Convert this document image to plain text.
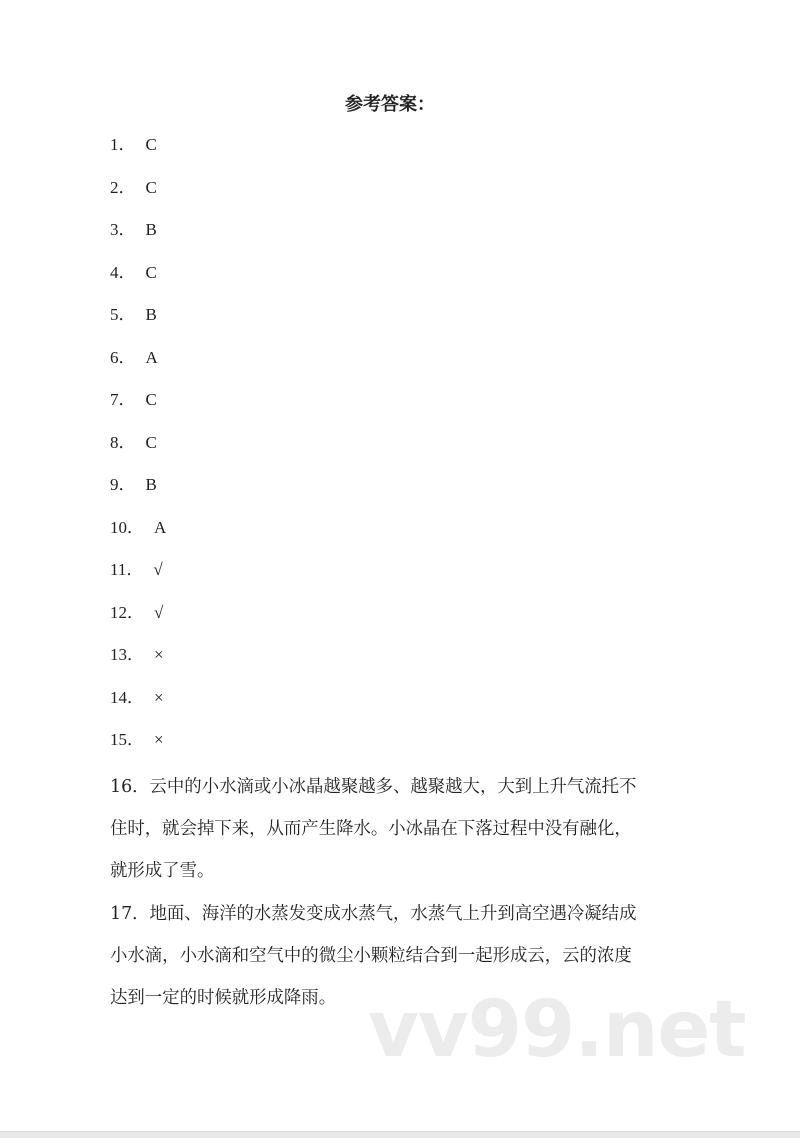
参考答案：
1． C
2． C
3． B
4． C
5． B
6． A
7． C
8． C
9． B
10． A
11． √
12． √
13． ×
14． ×
15． ×
16．云中的小水滴或小冰晶越聚越多、越聚越大，大到上升气流托不
住时，就会掉下来，从而产生降水。小冰晶在下落过程中没有融化，
就形成了雪。
17．地面、海洋的水蒸发变成水蒸气，水蒸气上升到高空遇冷凝结成
小水滴，小水滴和空气中的微尘小颗粒结合到一起形成云，云的浓度
达到一定的时候就形成降雨。 vv99.net
